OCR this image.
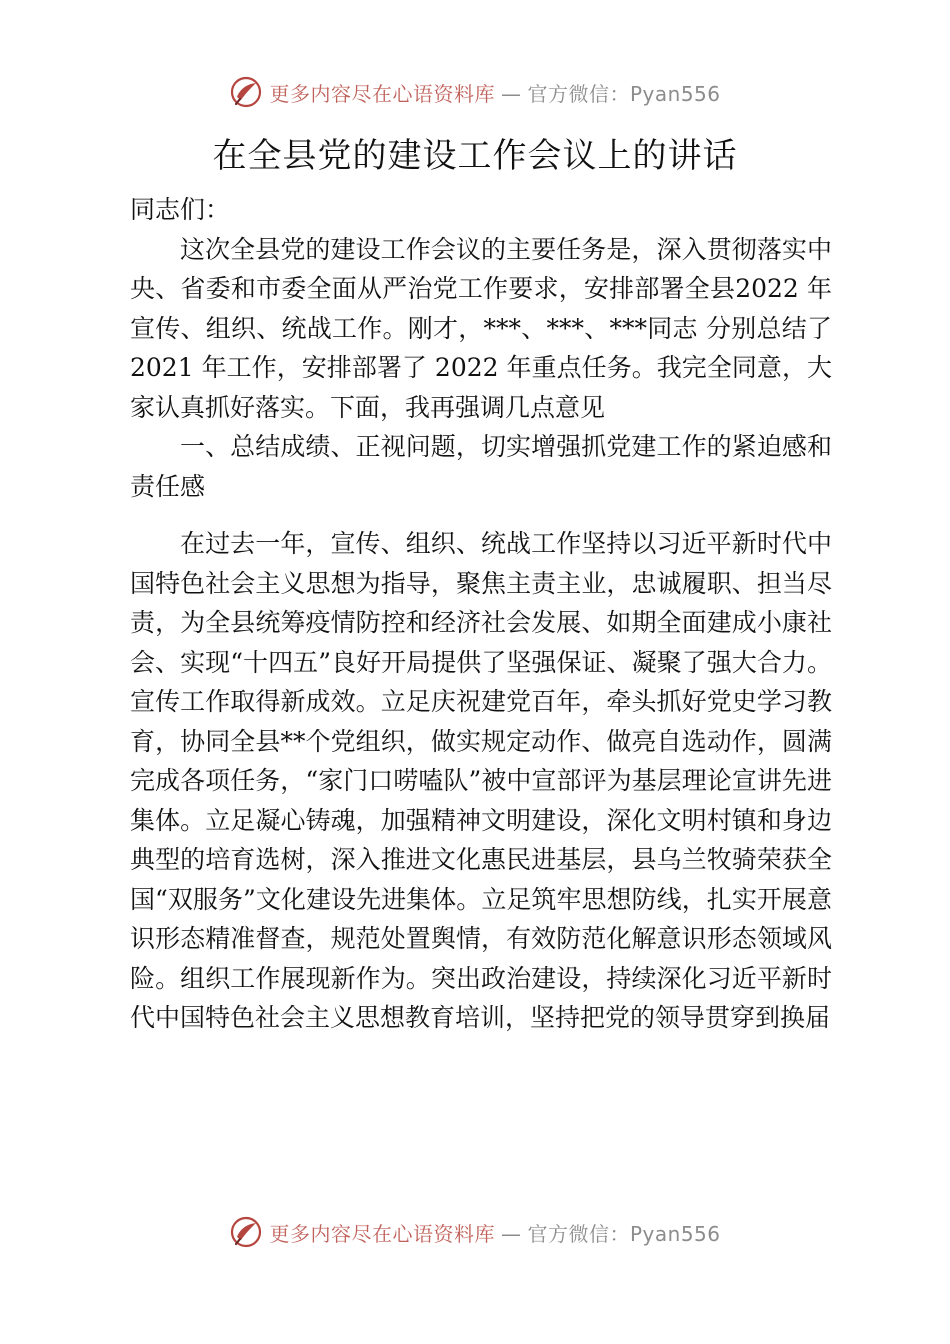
更多内容尽在心语资料库 — 官方微信：Pyan556
在全县党的建设工作会议上的讲话

同志们：

这次全县党的建设工作会议的主要任务是，深入贯彻落实中央、省委和市委全面从严治党工作要求，安排部署全县2022 年宣传、组织、统战工作。刚才，***、***、***同志 分别总结了 2021 年工作，安排部署了 2022 年重点任务。我完全同意，大家认真抓好落实。下面，我再强调几点意见

一、总结成绩、正视问题，切实增强抓党建工作的紧迫感和责任感

在过去一年，宣传、组织、统战工作坚持以习近平新时代中国特色社会主义思想为指导，聚焦主责主业，忠诚履职、担当尽责，为全县统筹疫情防控和经济社会发展、如期全面建成小康社会、实现“十四五”良好开局提供了坚强保证、凝聚了强大合力。宣传工作取得新成效。立足庆祝建党百年，牵头抓好党史学习教育，协同全县**个党组织，做实规定动作、做亮自选动作，圆满完成各项任务，“家门口唠嗑队”被中宣部评为基层理论宣讲先进集体。立足凝心铸魂，加强精神文明建设，深化文明村镇和身边典型的培育选树，深入推进文化惠民进基层，县乌兰牧骑荣获全国“双服务”文化建设先进集体。立足筑牢思想防线，扎实开展意识形态精准督查，规范处置舆情，有效防范化解意识形态领域风险。组织工作展现新作为。突出政治建设，持续深化习近平新时代中国特色社会主义思想教育培训，坚持把党的领导贯穿到换届

更多内容尽在心语资料库 — 官方微信：Pyan556
